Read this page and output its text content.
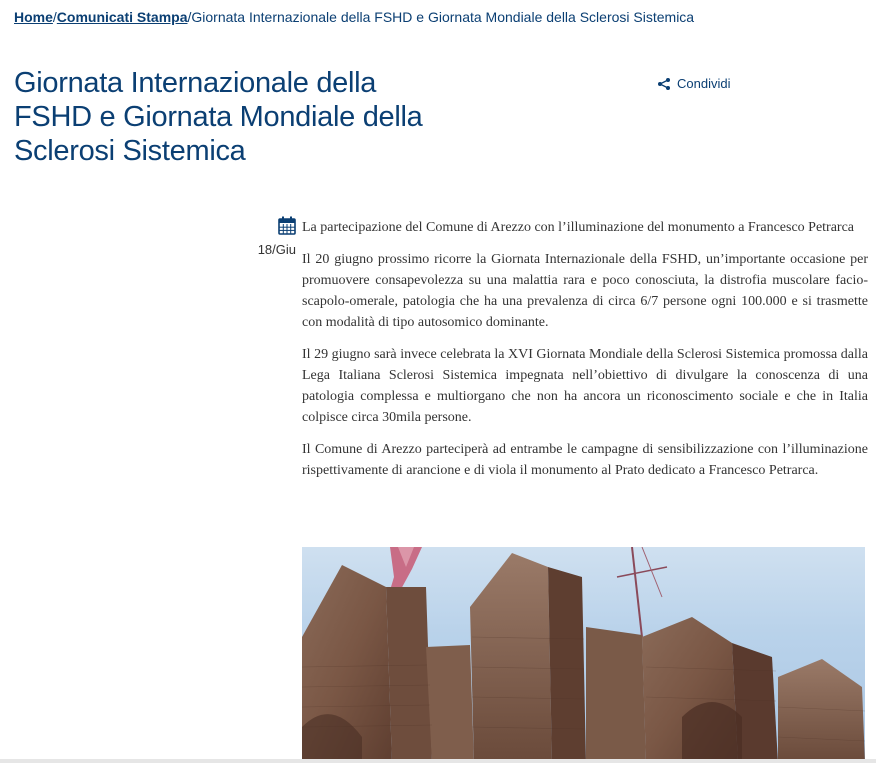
Home/Comunicati Stampa/Giornata Internazionale della FSHD e Giornata Mondiale della Sclerosi Sistemica
Giornata Internazionale della FSHD e Giornata Mondiale della Sclerosi Sistemica
Condividi
18/Giu

La partecipazione del Comune di Arezzo con l’illuminazione del monumento a Francesco Petrarca

Il 20 giugno prossimo ricorre la Giornata Internazionale della FSHD, un’importante occasione per promuovere consapevolezza su una malattia rara e poco conosciuta, la distrofia muscolare facio-scapolo-omerale, patologia che ha una prevalenza di circa 6/7 persone ogni 100.000 e si trasmette con modalità di tipo autosomico dominante.

Il 29 giugno sarà invece celebrata la XVI Giornata Mondiale della Sclerosi Sistemica promossa dalla Lega Italiana Sclerosi Sistemica impegnata nell’obiettivo di divulgare la conoscenza di una patologia complessa e multiorgano che non ha ancora un riconoscimento sociale e che in Italia colpisce circa 30mila persone.

Il Comune di Arezzo parteciperà ad entrambe le campagne di sensibilizzazione con l’illuminazione rispettivamente di arancione e di viola il monumento al Prato dedicato a Francesco Petrarca.
